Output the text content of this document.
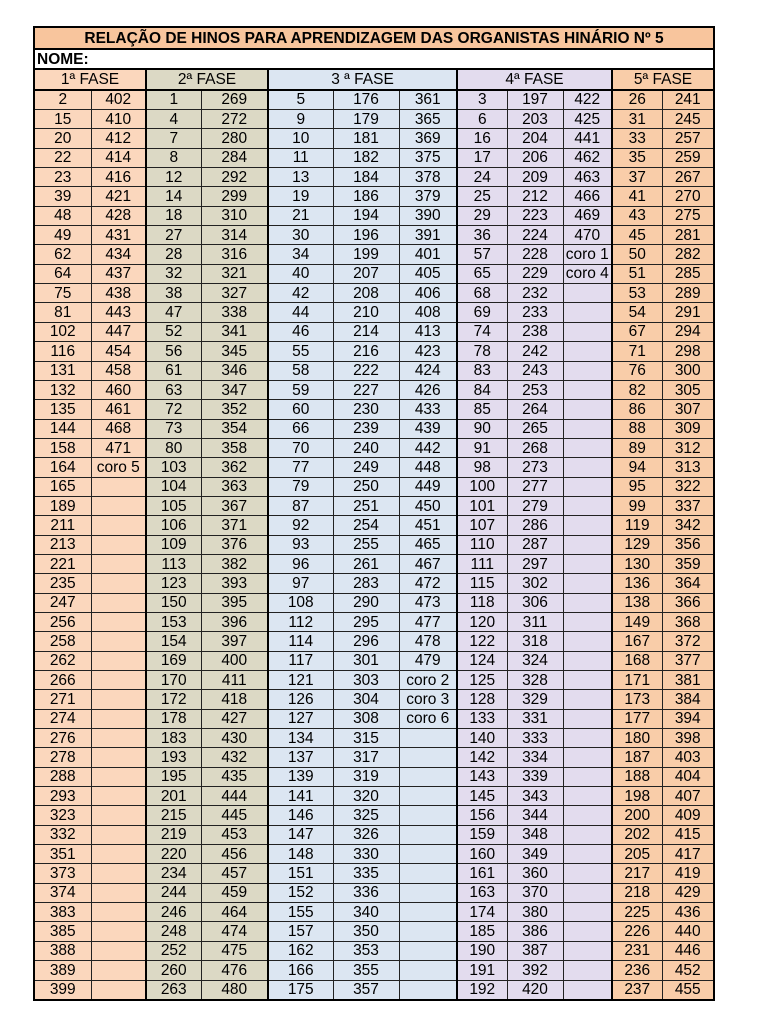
RELAÇÃO DE HINOS PARA APRENDIZAGEM DAS ORGANISTAS HINÁRIO Nº 5											
NOME:											
1ª FASE		2ª FASE		3 ª FASE			4ª FASE			5ª FASE	
2	402	1	269	5	176	361	3	197	422	26	241
15	410	4	272	9	179	365	6	203	425	31	245
20	412	7	280	10	181	369	16	204	441	33	257
22	414	8	284	11	182	375	17	206	462	35	259
23	416	12	292	13	184	378	24	209	463	37	267
39	421	14	299	19	186	379	25	212	466	41	270
48	428	18	310	21	194	390	29	223	469	43	275
49	431	27	314	30	196	391	36	224	470	45	281
62	434	28	316	34	199	401	57	228	coro 1	50	282
64	437	32	321	40	207	405	65	229	coro 4	51	285
75	438	38	327	42	208	406	68	232		53	289
81	443	47	338	44	210	408	69	233		54	291
102	447	52	341	46	214	413	74	238		67	294
116	454	56	345	55	216	423	78	242		71	298
131	458	61	346	58	222	424	83	243		76	300
132	460	63	347	59	227	426	84	253		82	305
135	461	72	352	60	230	433	85	264		86	307
144	468	73	354	66	239	439	90	265		88	309
158	471	80	358	70	240	442	91	268		89	312
164	coro 5	103	362	77	249	448	98	273		94	313
165		104	363	79	250	449	100	277		95	322
189		105	367	87	251	450	101	279		99	337
211		106	371	92	254	451	107	286		119	342
213		109	376	93	255	465	110	287		129	356
221		113	382	96	261	467	111	297		130	359
235		123	393	97	283	472	115	302		136	364
247		150	395	108	290	473	118	306		138	366
256		153	396	112	295	477	120	311		149	368
258		154	397	114	296	478	122	318		167	372
262		169	400	117	301	479	124	324		168	377
266		170	411	121	303	coro 2	125	328		171	381
271		172	418	126	304	coro 3	128	329		173	384
274		178	427	127	308	coro 6	133	331		177	394
276		183	430	134	315		140	333		180	398
278		193	432	137	317		142	334		187	403
288		195	435	139	319		143	339		188	404
293		201	444	141	320		145	343		198	407
323		215	445	146	325		156	344		200	409
332		219	453	147	326		159	348		202	415
351		220	456	148	330		160	349		205	417
373		234	457	151	335		161	360		217	419
374		244	459	152	336		163	370		218	429
383		246	464	155	340		174	380		225	436
385		248	474	157	350		185	386		226	440
388		252	475	162	353		190	387		231	446
389		260	476	166	355		191	392		236	452
399		263	480	175	357		192	420		237	455
